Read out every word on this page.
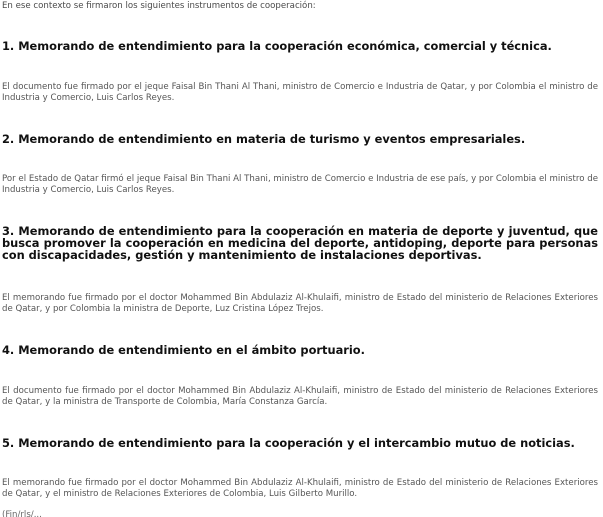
En ese contexto se firmaron los siguientes instrumentos de cooperación:

1. Memorando de entendimiento para la cooperación económica, comercial y técnica.

El documento fue firmado por el jeque Faisal Bin Thani Al Thani, ministro de Comercio e Industria de Qatar, y por Colombia el ministro de Industria y Comercio, Luis Carlos Reyes.

2. Memorando de entendimiento en materia de turismo y eventos empresariales.

Por el Estado de Qatar firmó el jeque Faisal Bin Thani Al Thani, ministro de Comercio e Industria de ese país, y por Colombia el ministro de Industria y Comercio, Luis Carlos Reyes.

3. Memorando de entendimiento para la cooperación en materia de deporte y juventud, que busca promover la cooperación en medicina del deporte, antidoping, deporte para personas con discapacidades, gestión y mantenimiento de instalaciones deportivas.

El memorando fue firmado por el doctor Mohammed Bin Abdulaziz Al-Khulaifi, ministro de Estado del ministerio de Relaciones Exteriores de Qatar, y por Colombia la ministra de Deporte, Luz Cristina López Trejos.

4. Memorando de entendimiento en el ámbito portuario.

El documento fue firmado por el doctor Mohammed Bin Abdulaziz Al-Khulaifi, ministro de Estado del ministerio de Relaciones Exteriores de Qatar, y la ministra de Transporte de Colombia, María Constanza García.

5. Memorando de entendimiento para la cooperación y el intercambio mutuo de noticias.

El memorando fue firmado por el doctor Mohammed Bin Abdulaziz Al-Khulaifi, ministro de Estado del ministerio de Relaciones Exteriores de Qatar, y el ministro de Relaciones Exteriores de Colombia, Luis Gilberto Murillo.

(Fin/rls/...
